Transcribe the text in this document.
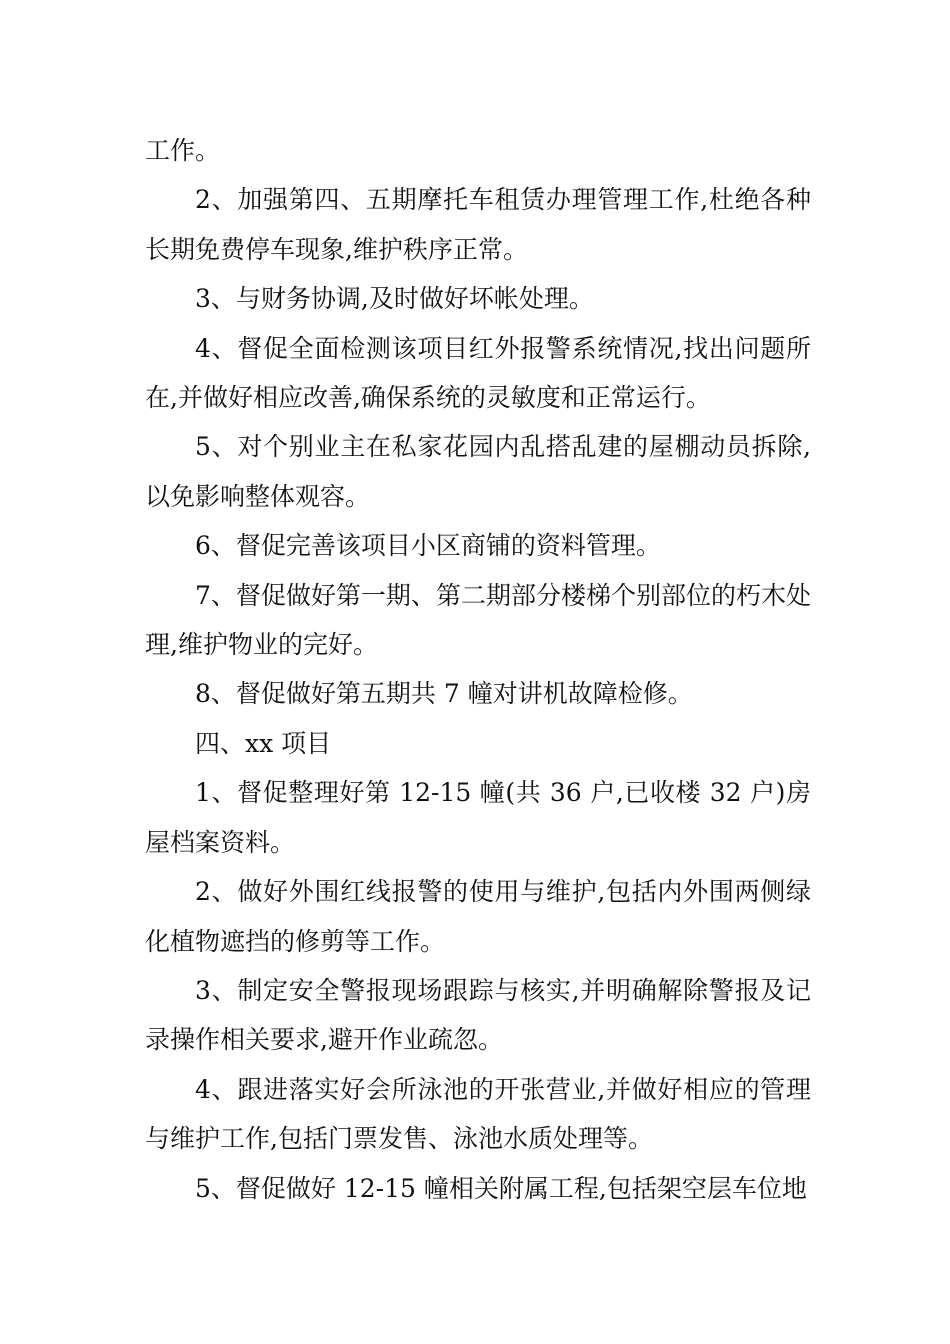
工作。

2、加强第四、五期摩托车租赁办理管理工作,杜绝各种长期免费停车现象,维护秩序正常。

3、与财务协调,及时做好坏帐处理。

4、督促全面检测该项目红外报警系统情况,找出问题所在,并做好相应改善,确保系统的灵敏度和正常运行。

5、对个别业主在私家花园内乱搭乱建的屋棚动员拆除,以免影响整体观容。

6、督促完善该项目小区商铺的资料管理。

7、督促做好第一期、第二期部分楼梯个别部位的朽木处理,维护物业的完好。

8、督促做好第五期共 7 幢对讲机故障检修。

四、xx 项目

1、督促整理好第 12-15 幢(共 36 户,已收楼 32 户)房屋档案资料。

2、做好外围红线报警的使用与维护,包括内外围两侧绿化植物遮挡的修剪等工作。

3、制定安全警报现场跟踪与核实,并明确解除警报及记录操作相关要求,避开作业疏忽。

4、跟进落实好会所泳池的开张营业,并做好相应的管理与维护工作,包括门票发售、泳池水质处理等。

5、督促做好 12-15 幢相关附属工程,包括架空层车位地
